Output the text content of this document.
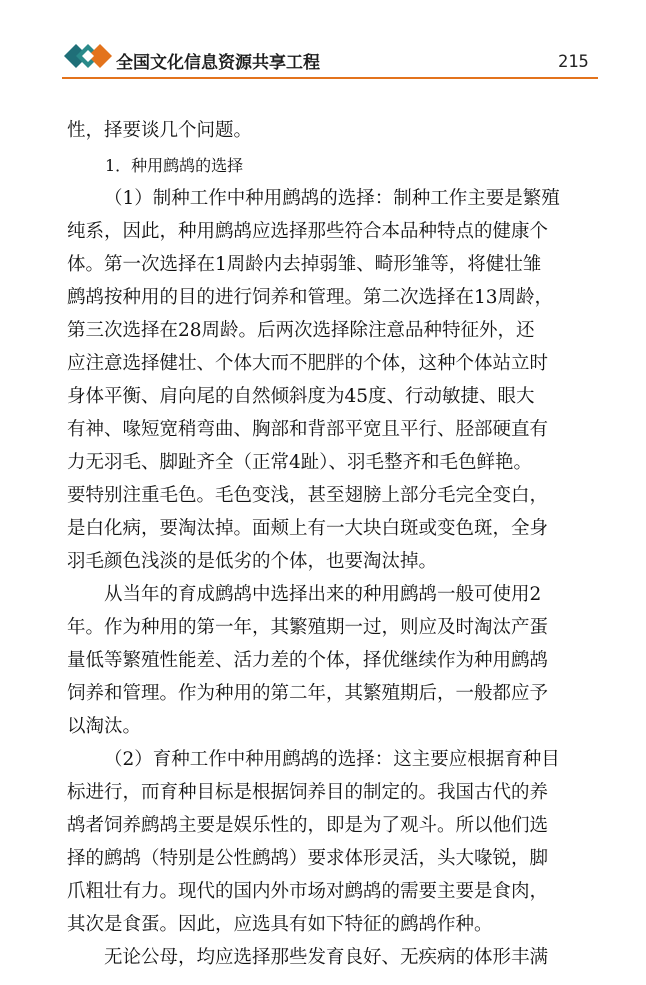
全国文化信息资源共享工程	215
性，择要谈几个问题。
1．种用鹧鸪的选择
（1）制种工作中种用鹧鸪的选择：制种工作主要是繁殖
纯系，因此，种用鹧鸪应选择那些符合本品种特点的健康个
体。第一次选择在1周龄内去掉弱雏、畸形雏等，将健壮雏
鹧鸪按种用的目的进行饲养和管理。第二次选择在13周龄，
第三次选择在28周龄。后两次选择除注意品种特征外，还
应注意选择健壮、个体大而不肥胖的个体，这种个体站立时
身体平衡、肩向尾的自然倾斜度为45度、行动敏捷、眼大
有神、喙短宽稍弯曲、胸部和背部平宽且平行、胫部硬直有
力无羽毛、脚趾齐全（正常4趾）、羽毛整齐和毛色鲜艳。
要特别注重毛色。毛色变浅，甚至翅膀上部分毛完全变白，
是白化病，要淘汰掉。面颊上有一大块白斑或变色斑，全身
羽毛颜色浅淡的是低劣的个体，也要淘汰掉。
从当年的育成鹧鸪中选择出来的种用鹧鸪一般可使用2
年。作为种用的第一年，其繁殖期一过，则应及时淘汰产蛋
量低等繁殖性能差、活力差的个体，择优继续作为种用鹧鸪
饲养和管理。作为种用的第二年，其繁殖期后，一般都应予
以淘汰。
（2）育种工作中种用鹧鸪的选择：这主要应根据育种目
标进行，而育种目标是根据饲养目的制定的。我国古代的养
鸪者饲养鹧鸪主要是娱乐性的，即是为了观斗。所以他们选
择的鹧鸪（特别是公性鹧鸪）要求体形灵活，头大喙锐，脚
爪粗壮有力。现代的国内外市场对鹧鸪的需要主要是食肉，
其次是食蛋。因此，应选具有如下特征的鹧鸪作种。
无论公母，均应选择那些发育良好、无疾病的体形丰满
